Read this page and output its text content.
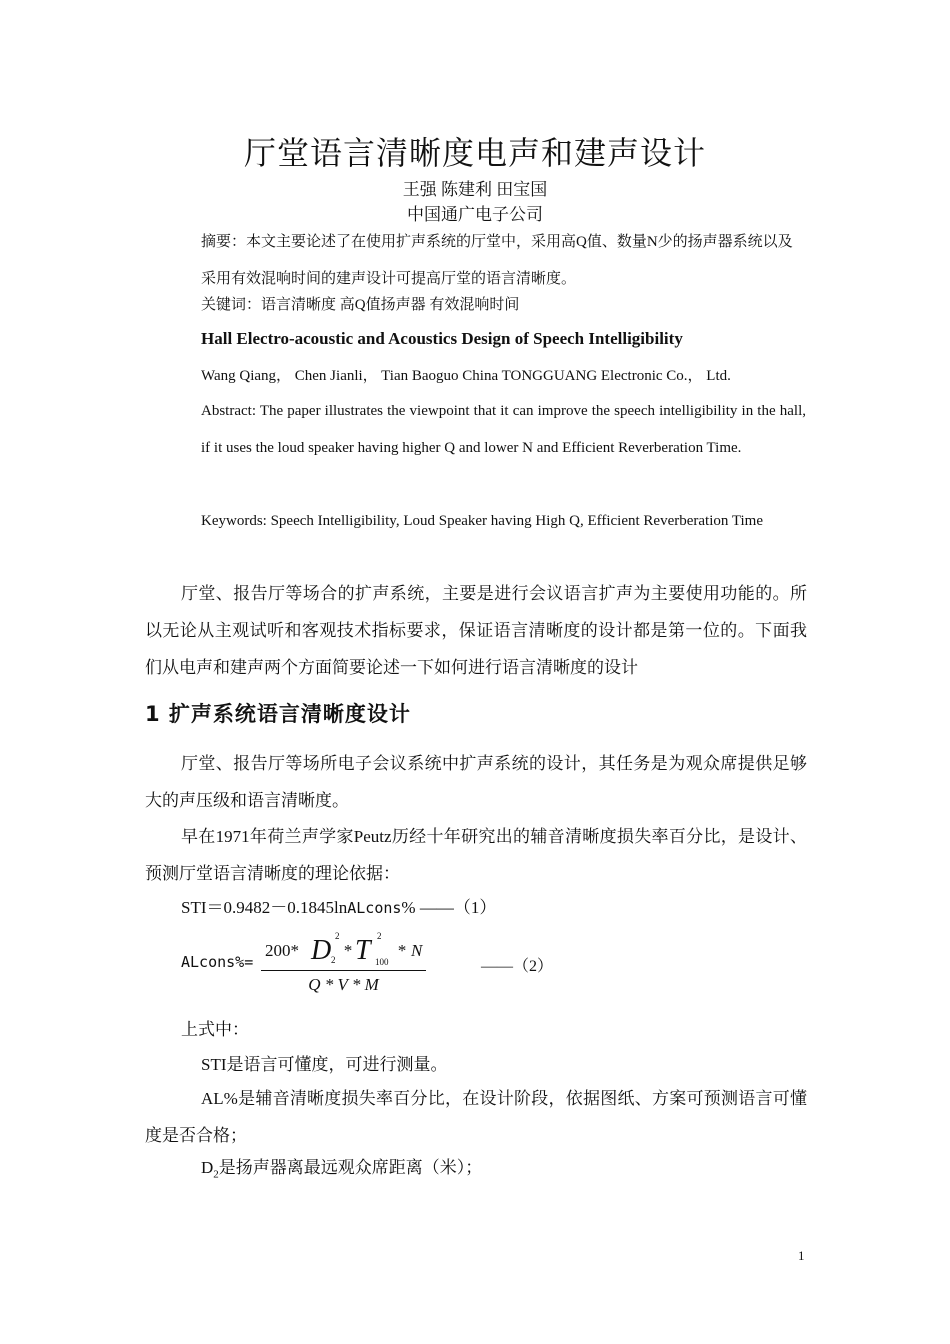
厅堂语言清晰度电声和建声设计
王强 陈建利 田宝国
中国通广电子公司
摘要：本文主要论述了在使用扩声系统的厅堂中，采用高Q值、数量N少的扬声器系统以及采用有效混响时间的建声设计可提高厅堂的语言清晰度。
关键词：语言清晰度 高Q值扬声器 有效混响时间
Hall Electro-acoustic and Acoustics Design of Speech Intelligibility
Wang Qiang， Chen Jianli， Tian Baoguo China TONGGUANG Electronic Co.， Ltd.
Abstract: The paper illustrates the viewpoint that it can improve the speech intelligibility in the hall, if it uses the loud speaker having higher Q and lower N and Efficient Reverberation Time.
Keywords: Speech Intelligibility, Loud Speaker having High Q, Efficient Reverberation Time
厅堂、报告厅等场合的扩声系统，主要是进行会议语言扩声为主要使用功能的。所以无论从主观试听和客观技术指标要求，保证语言清晰度的设计都是第一位的。下面我们从电声和建声两个方面简要论述一下如何进行语言清晰度的设计
1 扩声系统语言清晰度设计
厅堂、报告厅等场所电子会议系统中扩声系统的设计，其任务是为观众席提供足够大的声压级和语言清晰度。
早在1971年荷兰声学家Peutz历经十年研究出的辅音清晰度损失率百分比，是设计、预测厅堂语言清晰度的理论依据：
STI＝0.9482－0.1845lnALcons% ——（1）
ALcons%=
200* D 2
2 * T 2
100
* N
Q * V * M
——（2）
上式中：
STI是语言可懂度，可进行测量。
AL%是辅音清晰度损失率百分比，在设计阶段，依据图纸、方案可预测语言可懂度是否合格；
$D_2$是扬声器离最远观众席距离（米）；
1
